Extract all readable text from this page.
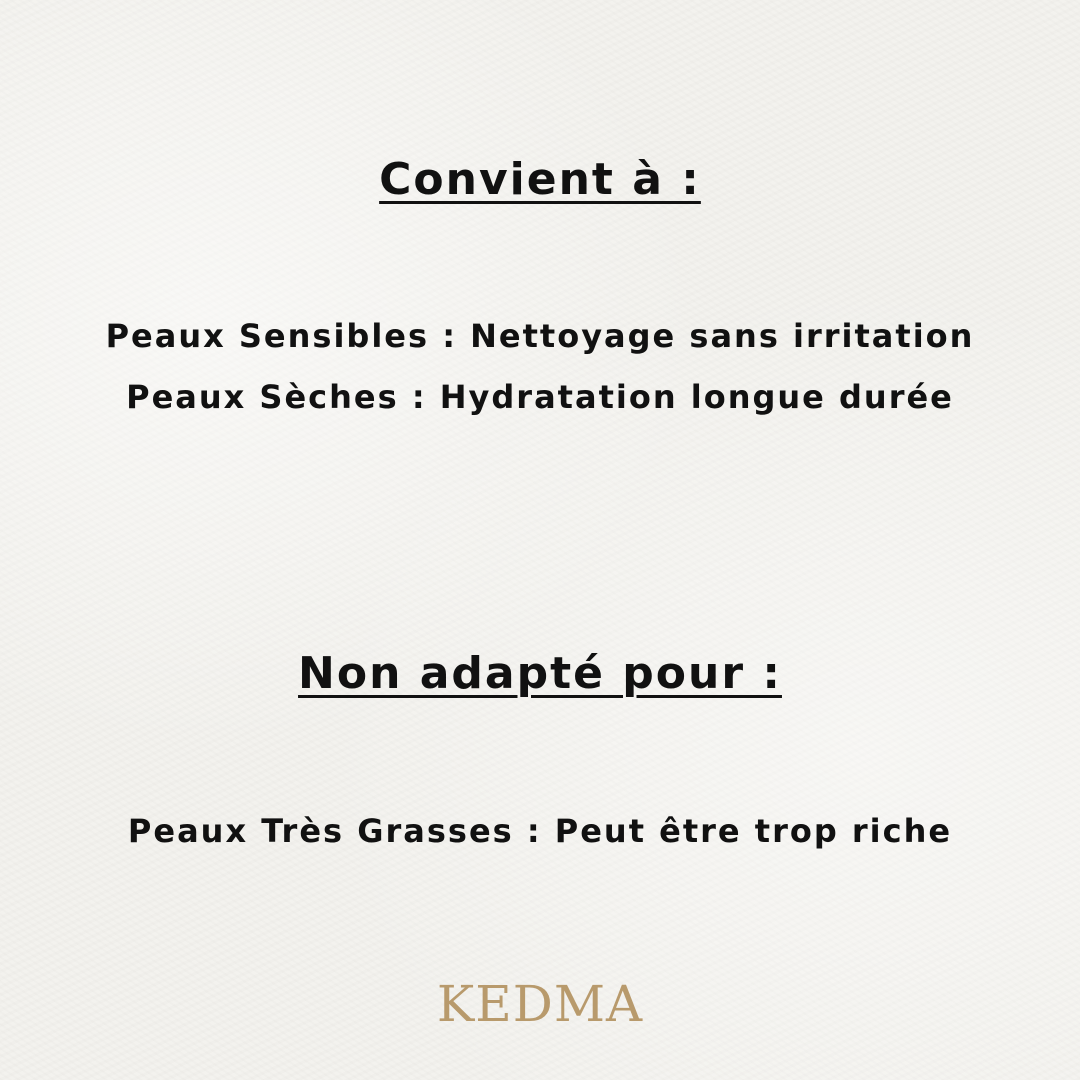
Convient à :
Peaux Sensibles : Nettoyage sans irritation
Peaux Sèches : Hydratation longue durée
Non adapté pour :
Peaux Très Grasses : Peut être trop riche
KEDMA
